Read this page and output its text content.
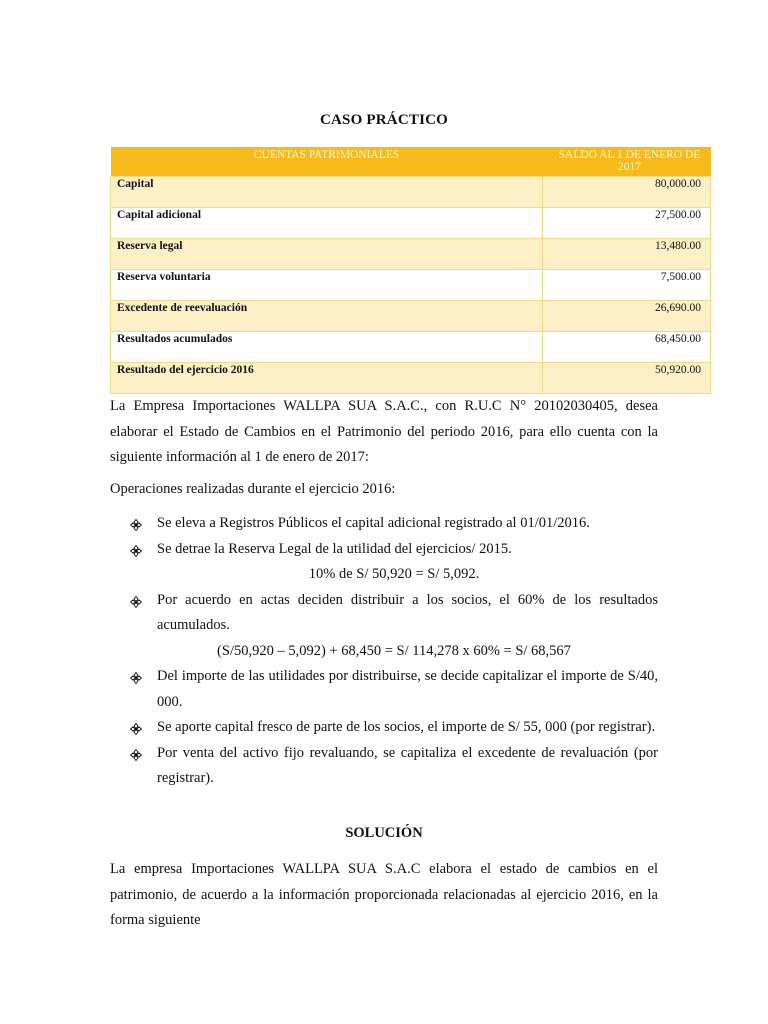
CASO PRÁCTICO
CUENTAS PATRIMONIALES	SALDO AL 1 DE ENERO DE 2017
Capital	80,000.00
Capital adicional	27,500.00
Reserva legal	13,480.00
Reserva voluntaria	7,500.00
Excedente de reevaluación	26,690.00
Resultados acumulados	68,450.00
Resultado del ejercicio 2016	50,920.00

La Empresa Importaciones WALLPA SUA S.A.C., con R.U.C N° 20102030405, desea elaborar el Estado de Cambios en el Patrimonio del periodo 2016, para ello cuenta con la siguiente información al 1 de enero de 2017:

Operaciones realizadas durante el ejercicio 2016:

Se eleva a Registros Públicos el capital adicional registrado al 01/01/2016.
Se detrae la Reserva Legal de la utilidad del ejercicios/ 2015.
10% de S/ 50,920 = S/ 5,092.
Por acuerdo en actas deciden distribuir a los socios, el 60% de los resultados acumulados.
(S/50,920 – 5,092) + 68,450 = S/ 114,278 x 60% = S/ 68,567
Del importe de las utilidades por distribuirse, se decide capitalizar el importe de S/40, 000.
Se aporte capital fresco de parte de los socios, el importe de S/ 55, 000 (por registrar).
Por venta del activo fijo revaluando, se capitaliza el excedente de revaluación (por registrar).
SOLUCIÓN

La empresa Importaciones WALLPA SUA S.A.C elabora el estado de cambios en el patrimonio, de acuerdo a la información proporcionada relacionadas al ejercicio 2016, en la forma siguiente
